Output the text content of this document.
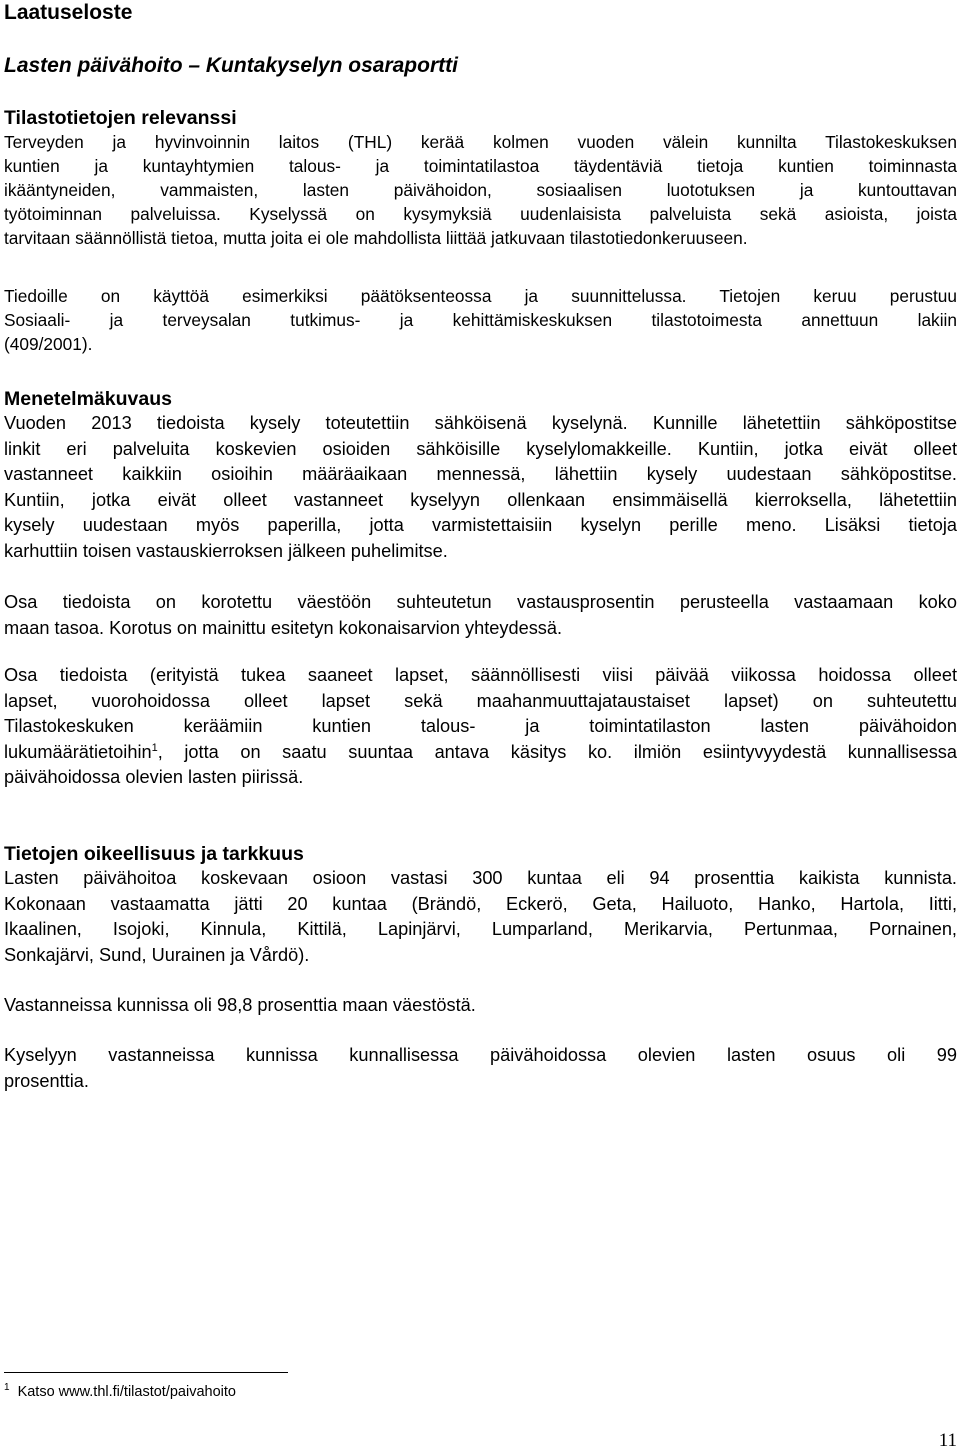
Laatuseloste
Lasten päivähoito – Kuntakyselyn osaraportti
Tilastotietojen relevanssi
Terveyden ja hyvinvoinnin laitos (THL) kerää kolmen vuoden välein kunnilta Tilastokeskuksen
kuntien ja kuntayhtymien talous- ja toimintatilastoa täydentäviä tietoja kuntien toiminnasta
ikääntyneiden, vammaisten, lasten päivähoidon, sosiaalisen luototuksen ja kuntouttavan
työtoiminnan palveluissa. Kyselyssä on kysymyksiä uudenlaisista palveluista sekä asioista, joista
tarvitaan säännöllistä tietoa, mutta joita ei ole mahdollista liittää jatkuvaan tilastotiedonkeruuseen.
Tiedoille on käyttöä esimerkiksi päätöksenteossa ja suunnittelussa. Tietojen keruu perustuu
Sosiaali- ja terveysalan tutkimus- ja kehittämiskeskuksen tilastotoimesta annettuun lakiin
(409/2001).
Menetelmäkuvaus
Vuoden 2013 tiedoista kysely toteutettiin sähköisenä kyselynä. Kunnille lähetettiin sähköpostitse
linkit eri palveluita koskevien osioiden sähköisille kyselylomakkeille. Kuntiin, jotka eivät olleet
vastanneet kaikkiin osioihin määräaikaan mennessä, lähettiin kysely uudestaan sähköpostitse.
Kuntiin, jotka eivät olleet vastanneet kyselyyn ollenkaan ensimmäisellä kierroksella, lähetettiin
kysely uudestaan myös paperilla, jotta varmistettaisiin kyselyn perille meno. Lisäksi tietoja
karhuttiin toisen vastauskierroksen jälkeen puhelimitse.
Osa tiedoista on korotettu väestöön suhteutetun vastausprosentin perusteella vastaamaan koko
maan tasoa. Korotus on mainittu esitetyn kokonaisarvion yhteydessä.
Osa tiedoista (erityistä tukea saaneet lapset, säännöllisesti viisi päivää viikossa hoidossa olleet
lapset, vuorohoidossa olleet lapset sekä maahanmuuttajataustaiset lapset) on suhteutettu
Tilastokeskuken keräämiin kuntien talous- ja toimintatilaston lasten päivähoidon
lukumäärätietoihin$^1$, jotta on saatu suuntaa antava käsitys ko. ilmiön esiintyvyydestä kunnallisessa
päivähoidossa olevien lasten piirissä.
Tietojen oikeellisuus ja tarkkuus
Lasten päivähoitoa koskevaan osioon vastasi 300 kuntaa eli 94 prosenttia kaikista kunnista.
Kokonaan vastaamatta jätti 20 kuntaa (Brändö, Eckerö, Geta, Hailuoto, Hanko, Hartola, Iitti,
Ikaalinen, Isojoki, Kinnula, Kittilä, Lapinjärvi, Lumparland, Merikarvia, Pertunmaa, Pornainen,
Sonkajärvi, Sund, Uurainen ja Vårdö).
Vastanneissa kunnissa oli 98,8 prosenttia maan väestöstä.
Kyselyyn vastanneissa kunnissa kunnallisessa päivähoidossa olevien lasten osuus oli 99
prosenttia.
$^1$ Katso www.thl.fi/tilastot/paivahoito
11
